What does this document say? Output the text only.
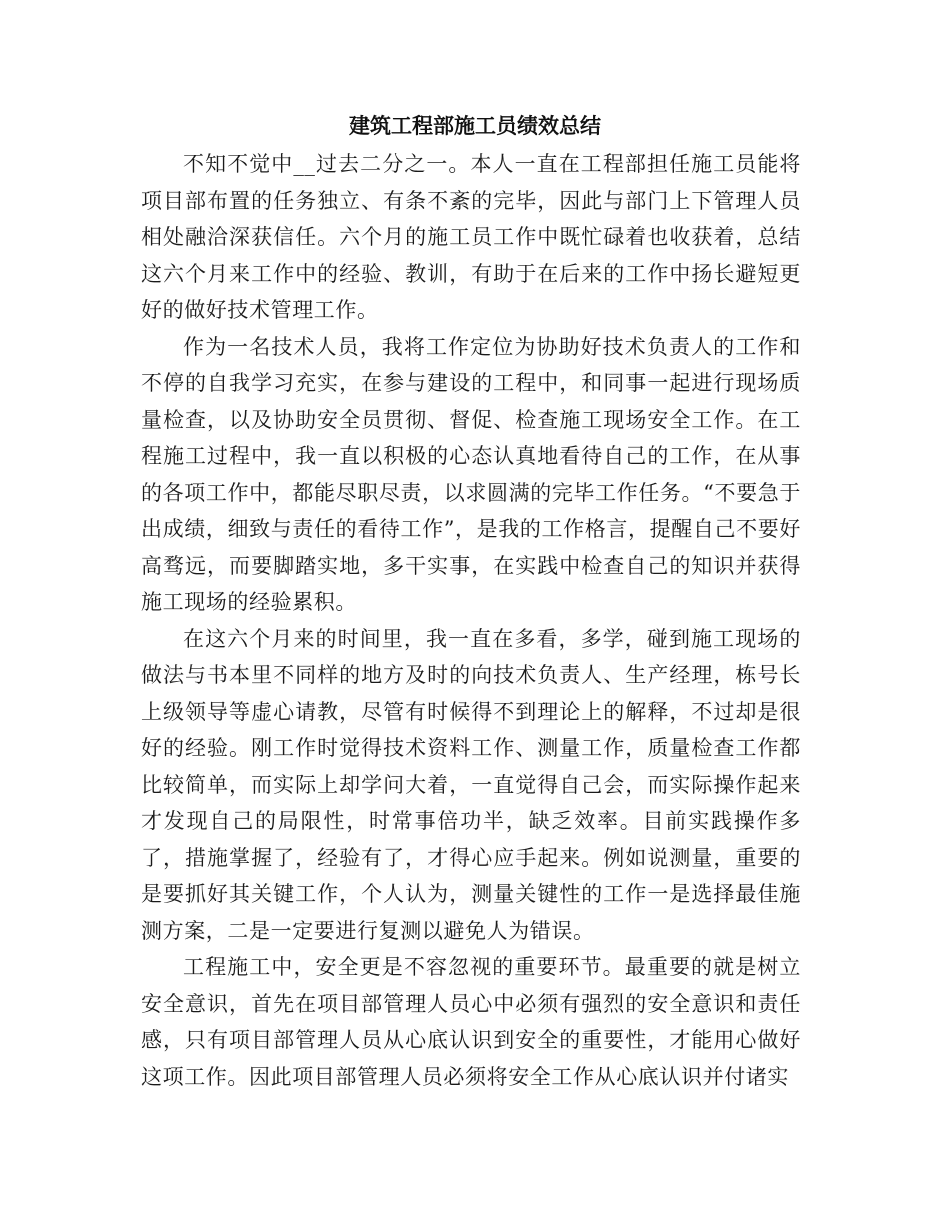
建筑工程部施工员绩效总结

不知不觉中__过去二分之一。本人一直在工程部担任施工员能将项目部布置的任务独立、有条不紊的完毕，因此与部门上下管理人员相处融洽深获信任。六个月的施工员工作中既忙碌着也收获着，总结这六个月来工作中的经验、教训，有助于在后来的工作中扬长避短更好的做好技术管理工作。

作为一名技术人员，我将工作定位为协助好技术负责人的工作和不停的自我学习充实，在参与建设的工程中，和同事一起进行现场质量检查，以及协助安全员贯彻、督促、检查施工现场安全工作。在工程施工过程中，我一直以积极的心态认真地看待自己的工作，在从事的各项工作中，都能尽职尽责，以求圆满的完毕工作任务。“不要急于出成绩，细致与责任的看待工作”，是我的工作格言，提醒自己不要好高骛远，而要脚踏实地，多干实事，在实践中检查自己的知识并获得施工现场的经验累积。

在这六个月来的时间里，我一直在多看，多学，碰到施工现场的做法与书本里不同样的地方及时的向技术负责人、生产经理，栋号长上级领导等虚心请教，尽管有时候得不到理论上的解释，不过却是很好的经验。刚工作时觉得技术资料工作、测量工作，质量检查工作都比较简单，而实际上却学问大着，一直觉得自己会，而实际操作起来才发现自己的局限性，时常事倍功半，缺乏效率。目前实践操作多了，措施掌握了，经验有了，才得心应手起来。例如说测量，重要的是要抓好其关键工作，个人认为，测量关键性的工作一是选择最佳施测方案，二是一定要进行复测以避免人为错误。

工程施工中，安全更是不容忽视的重要环节。最重要的就是树立安全意识，首先在项目部管理人员心中必须有强烈的安全意识和责任感，只有项目部管理人员从心底认识到安全的重要性，才能用心做好这项工作。因此项目部管理人员必须将安全工作从心底认识并付诸实
